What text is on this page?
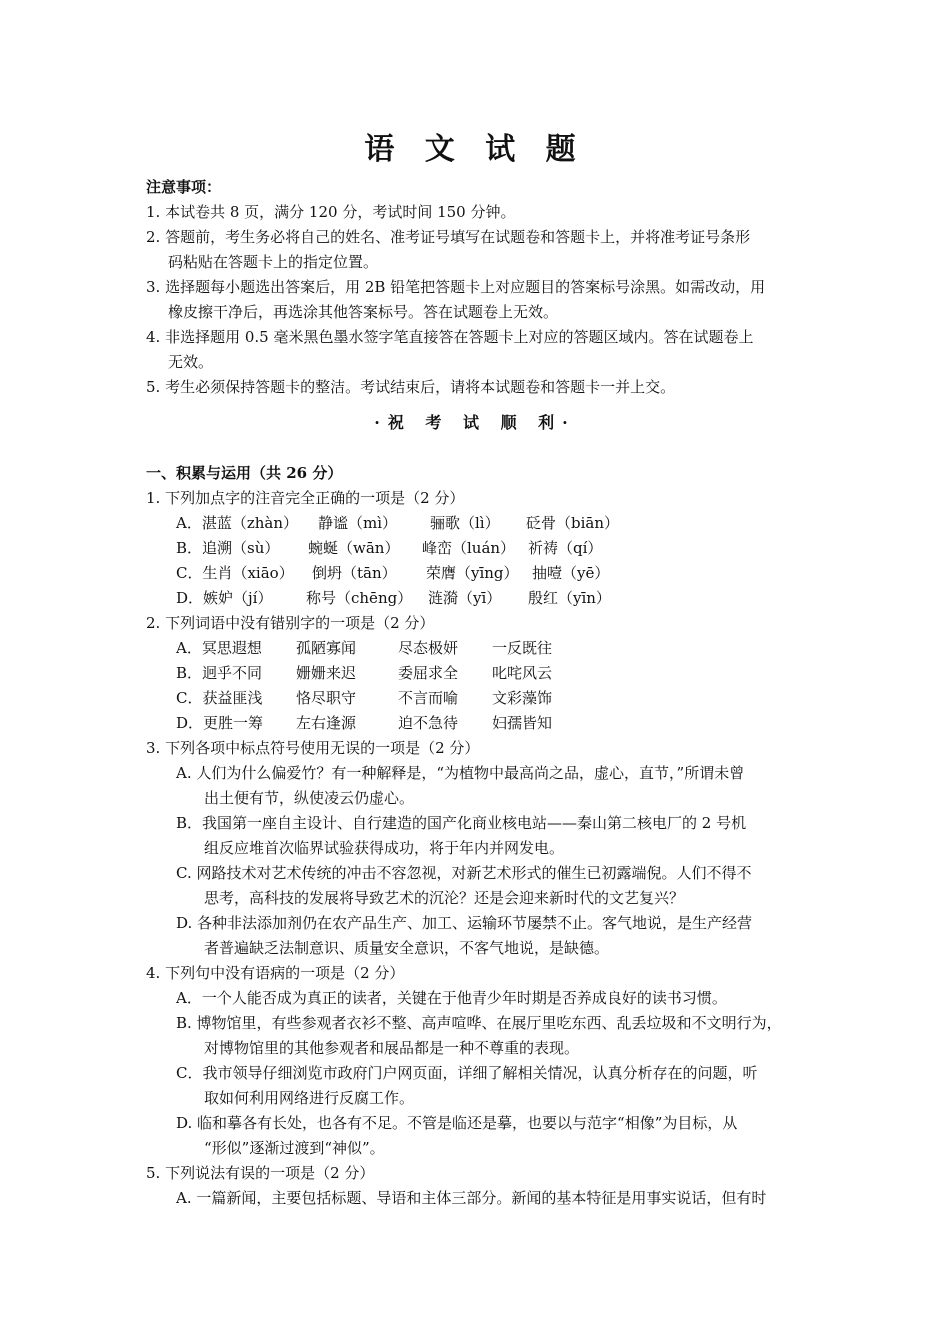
语 文 试 题
注意事项：
1. 本试卷共 8 页，满分 120 分，考试时间 150 分钟。
2. 答题前，考生务必将自己的姓名、准考证号填写在试题卷和答题卡上，并将准考证号条形
码粘贴在答题卡上的指定位置。
3. 选择题每小题选出答案后，用 2B 铅笔把答题卡上对应题目的答案标号涂黑。如需改动，用
橡皮擦干净后，再选涂其他答案标号。答在试题卷上无效。
4. 非选择题用 0.5 毫米黑色墨水签字笔直接答在答题卡上对应的答题区域内。答在试题卷上
无效。
5. 考生必须保持答题卡的整洁。考试结束后，请将本试题卷和答题卡一并上交。
·祝 考 试 顺 利·
一、积累与运用（共 26 分）
1. 下列加点字的注音完全正确的一项是（2 分）
A．湛蓝（zhàn） 静谧（mì） 骊歌（lì） 砭骨（biān）
B．追溯（sù） 蜿蜒（wān） 峰峦（luán） 祈祷（qí）
C．生肖（xiāo） 倒坍（tān） 荣膺（yīng） 抽噎（yē）
D．嫉妒（jí） 称号（chēng） 涟漪（yī） 殷红（yīn）
2. 下列词语中没有错别字的一项是（2 分）
A．冥思遐想 孤陋寡闻	尽态极妍 一反既往
B．迥乎不同 姗姗来迟	委屈求全 叱咤风云
C．获益匪浅 恪尽职守	不言而喻 文彩藻饰
D．更胜一筹 左右逢源	迫不急待 妇孺皆知
3. 下列各项中标点符号使用无误的一项是（2 分）
A. 人们为什么偏爱竹？有一种解释是，“为植物中最高尚之品，虚心，直节，”所谓未曾
出土便有节，纵使凌云仍虚心。
B．我国第一座自主设计、自行建造的国产化商业核电站——秦山第二核电厂的 2 号机
组反应堆首次临界试验获得成功，将于年内并网发电。
C. 网路技术对艺术传统的冲击不容忽视，对新艺术形式的催生已初露端倪。人们不得不
思考，高科技的发展将导致艺术的沉沦？还是会迎来新时代的文艺复兴？
D. 各种非法添加剂仍在农产品生产、加工、运输环节屡禁不止。客气地说，是生产经营
者普遍缺乏法制意识、质量安全意识，不客气地说，是缺德。
4. 下列句中没有语病的一项是（2 分）
A．一个人能否成为真正的读者，关键在于他青少年时期是否养成良好的读书习惯。
B. 博物馆里，有些参观者衣衫不整、高声喧哗、在展厅里吃东西、乱丢垃圾和不文明行为，
对博物馆里的其他参观者和展品都是一种不尊重的表现。
C．我市领导仔细浏览市政府门户网页面，详细了解相关情况，认真分析存在的问题，听
取如何利用网络进行反腐工作。
D. 临和摹各有长处，也各有不足。不管是临还是摹，也要以与范字“相像”为目标，从
“形似”逐渐过渡到“神似”。
5. 下列说法有误的一项是（2 分）
A. 一篇新闻，主要包括标题、导语和主体三部分。新闻的基本特征是用事实说话，但有时
